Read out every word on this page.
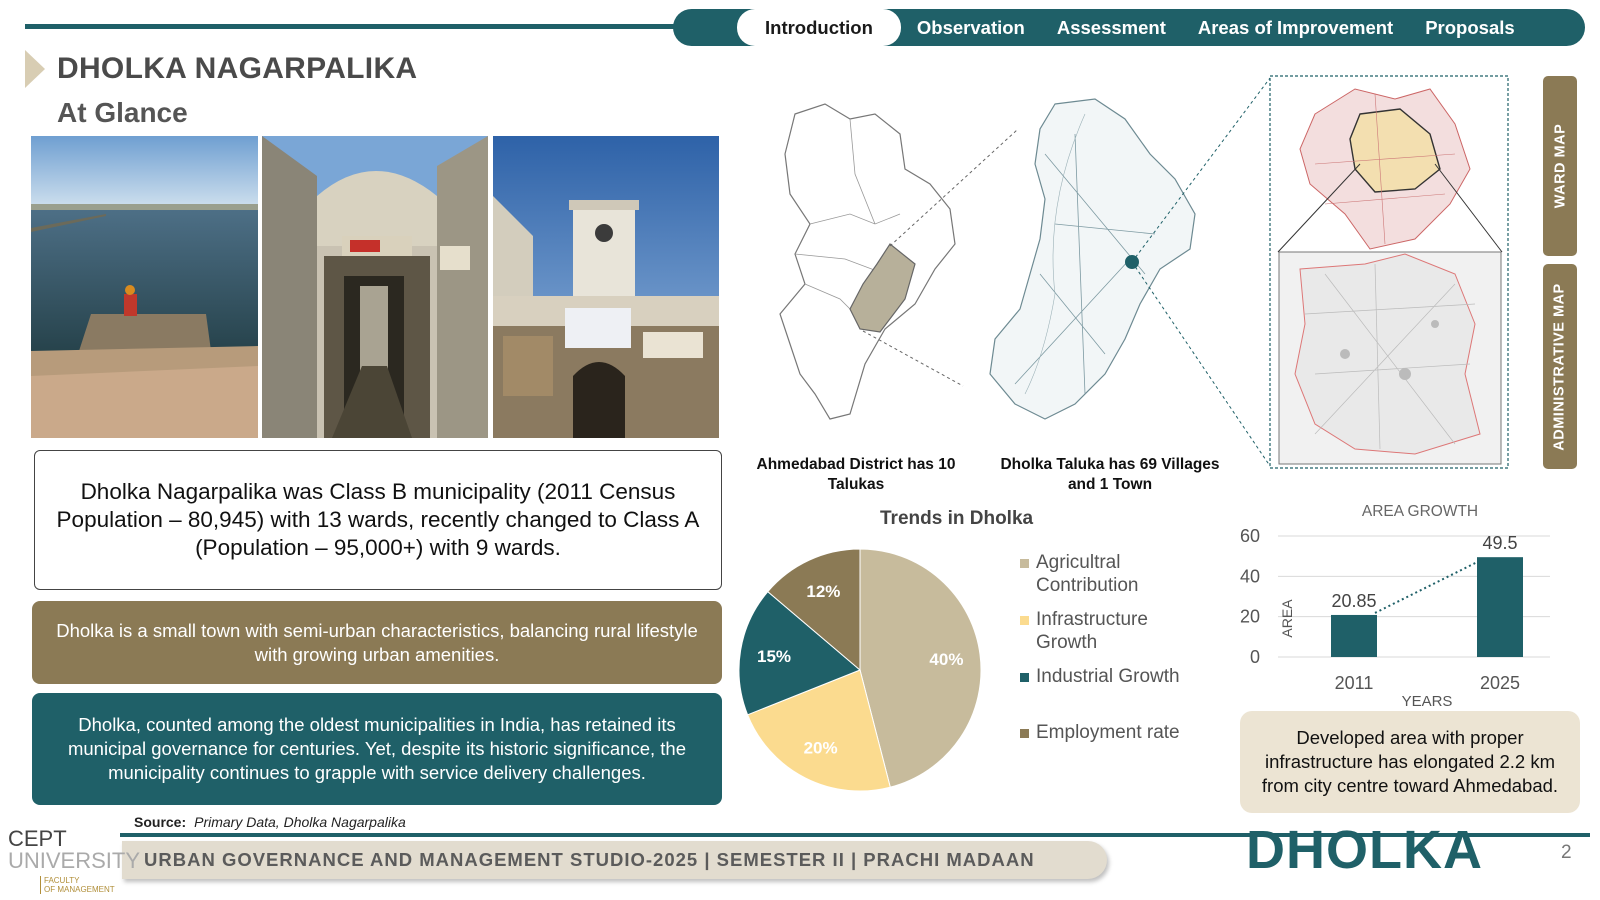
Introduction	Observation	Assessment	Areas of Improvement	Proposals
DHOLKA NAGARPALIKA
At Glance
Dholka Nagarpalika was Class B municipality (2011 Census Population – 80,945) with 13 wards, recently changed to Class A (Population – 95,000+) with 9 wards.
Dholka is a small town with semi-urban characteristics, balancing rural lifestyle with growing urban amenities.
Dholka, counted among the oldest municipalities in India, has retained its municipal governance for centuries. Yet, despite its historic significance, the municipality continues to grapple with service delivery challenges.
Source: Primary Data, Dholka Nagarpalika
Ahmedabad District has 10 Talukas
Dholka Taluka has 69 Villages and 1 Town
WARD MAP
ADMINISTRATIVE MAP
Trends in Dholka
40%
20%
15%
12%
Agricultral Contribution
Infrastructure Growth
Industrial Growth
Employment rate
AREA GROWTH
0
20
40
60
AREA 20.85
2011
49.5
2025
YEARS
Developed area with proper infrastructure has elongated 2.2 km from city centre toward Ahmedabad.
URBAN GOVERNANCE AND MANAGEMENT STUDIO-2025 | SEMESTER II | PRACHI MADAAN
CEPT
UNIVERSITY
FACULTY
OF MANAGEMENT
DHOLKA	2
